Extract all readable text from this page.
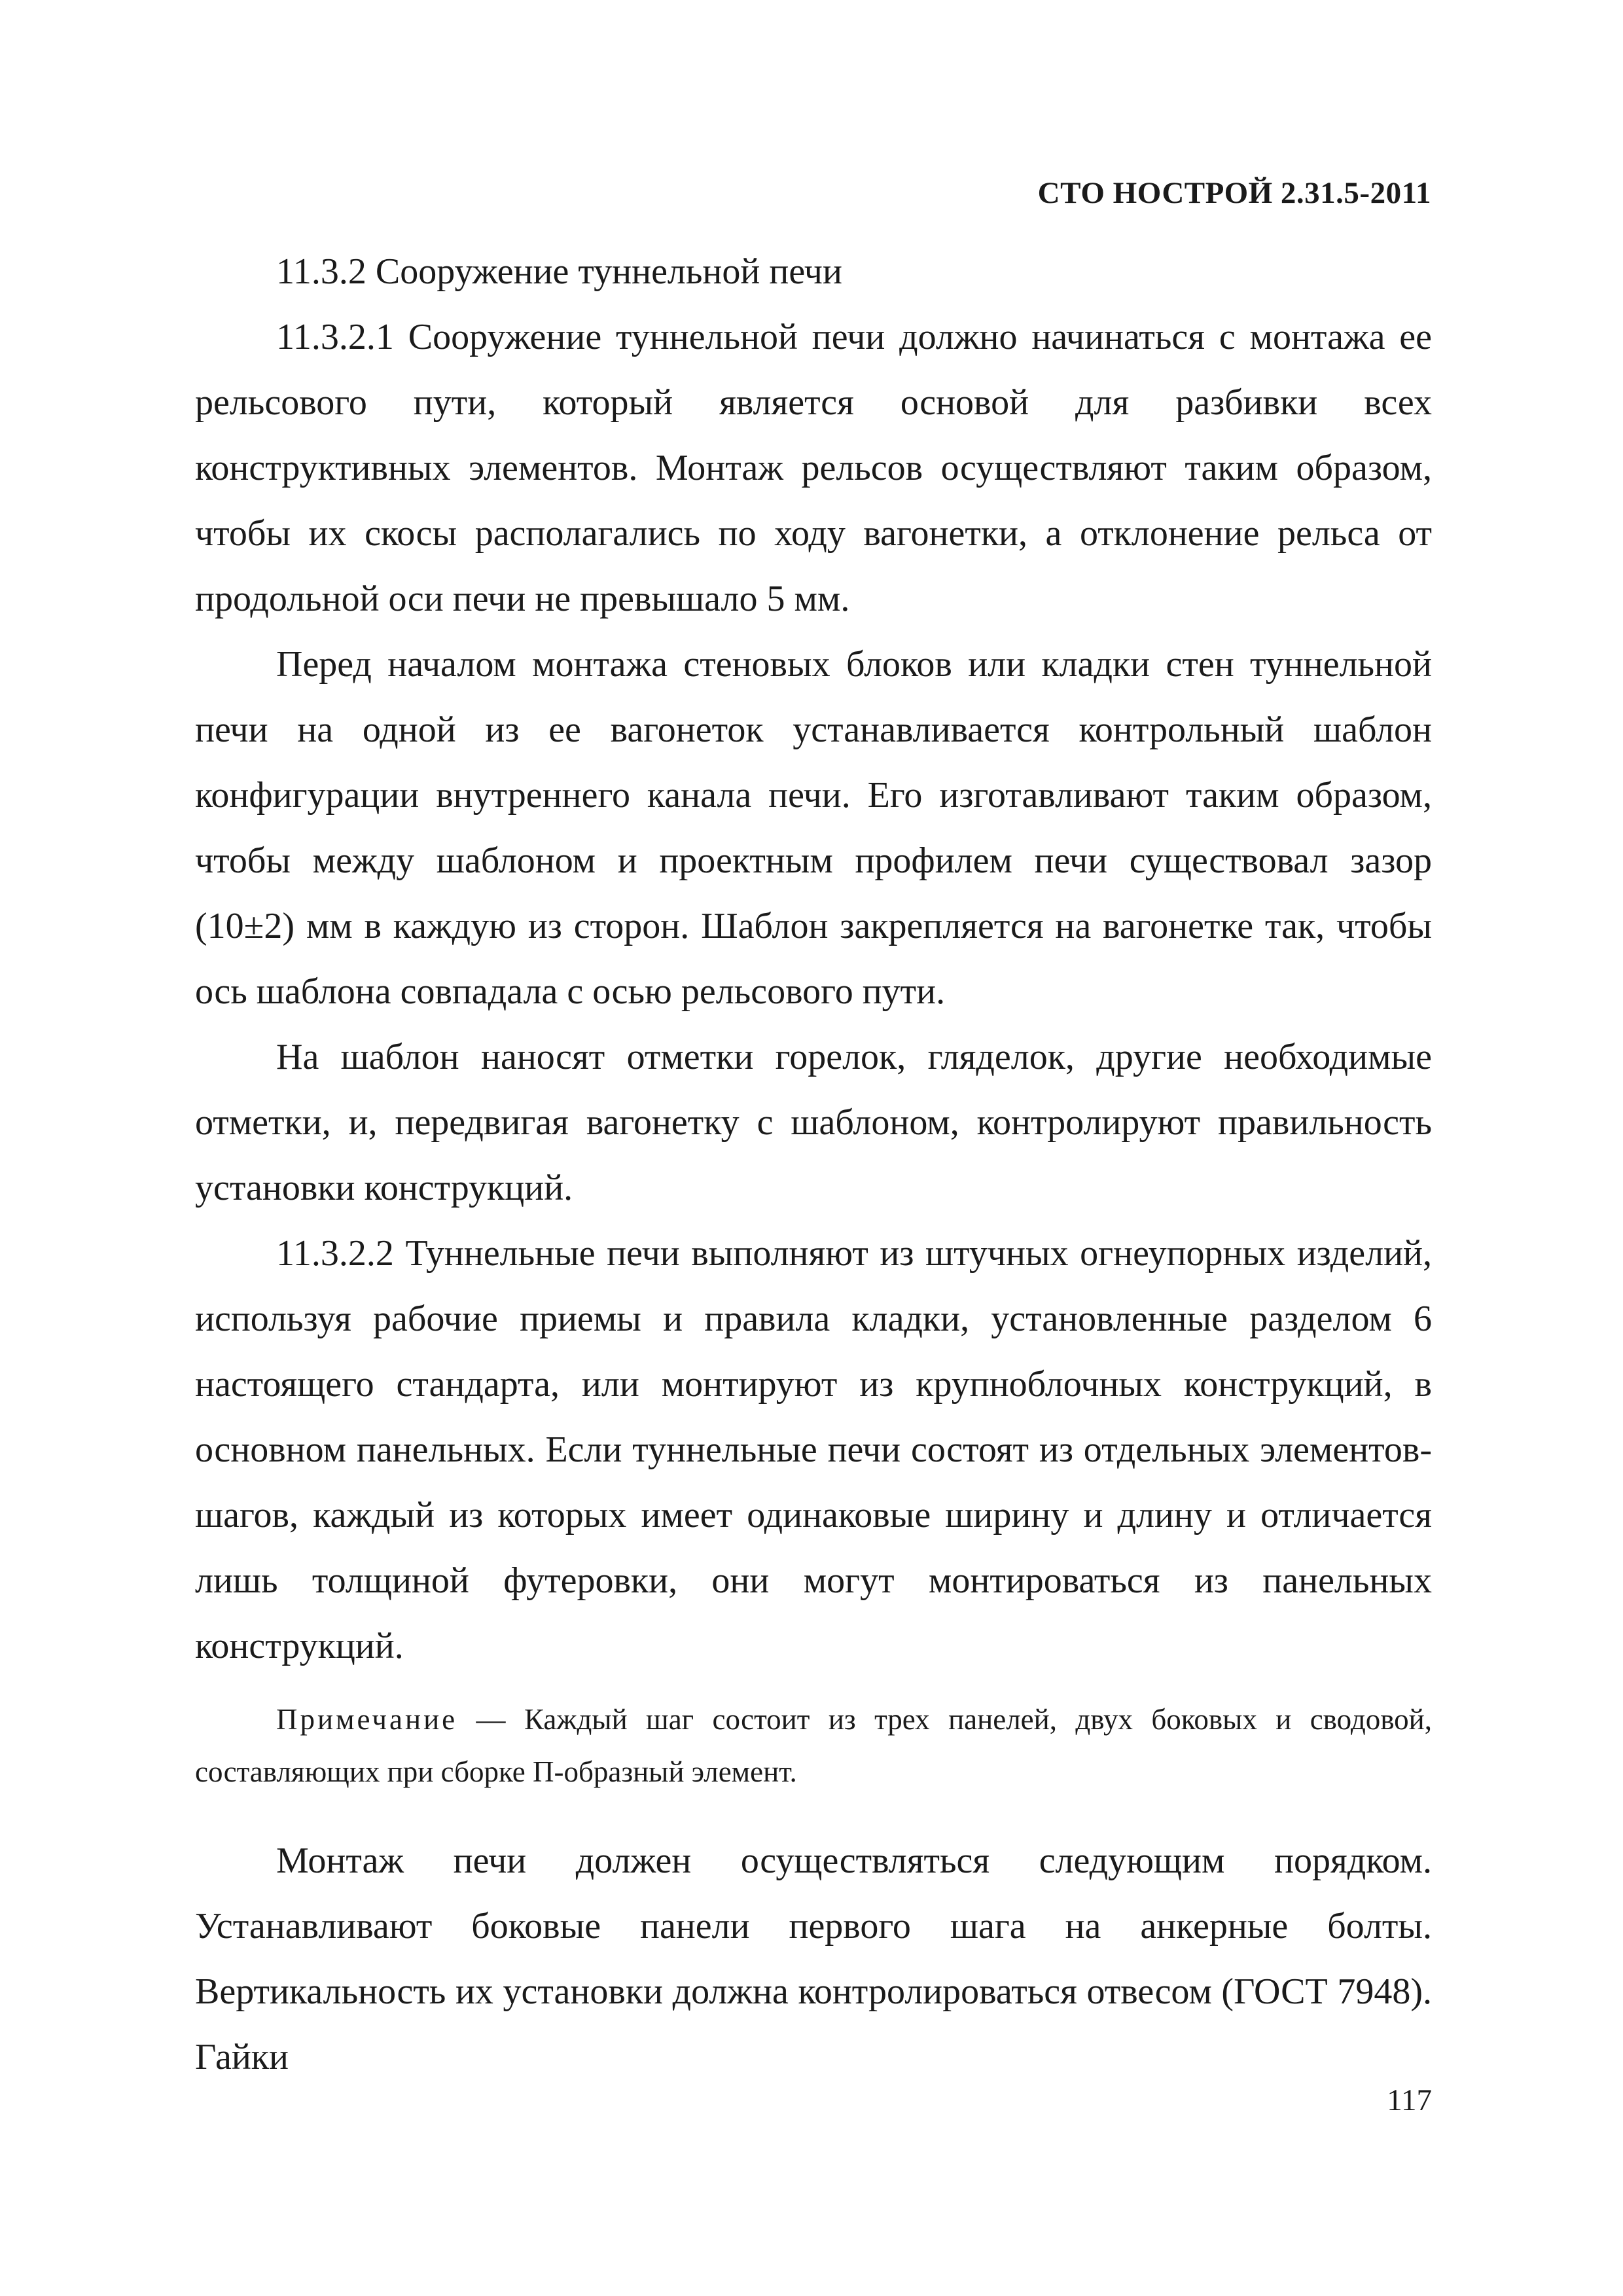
СТО НОСТРОЙ 2.31.5-2011

11.3.2 Сооружение туннельной печи

11.3.2.1 Сооружение туннельной печи должно начинаться с монтажа ее рельсового пути, который является основой для разбивки всех конструктивных элементов. Монтаж рельсов осуществляют таким образом, чтобы их скосы располагались по ходу вагонетки, а отклонение рельса от продольной оси печи не превышало 5 мм.

Перед началом монтажа стеновых блоков или кладки стен туннельной печи на одной из ее вагонеток устанавливается контрольный шаблон конфигурации внутреннего канала печи. Его изготавливают таким образом, чтобы между шаблоном и проектным профилем печи существовал зазор (10±2) мм в каждую из сторон. Шаблон закрепляется на вагонетке так, чтобы ось шаблона совпадала с осью рельсового пути.

На шаблон наносят отметки горелок, гляделок, другие необходимые отметки, и, передвигая вагонетку с шаблоном, контролируют правильность установки конструкций.

11.3.2.2 Туннельные печи выполняют из штучных огнеупорных изделий, используя рабочие приемы и правила кладки, установленные разделом 6 настоящего стандарта, или монтируют из крупноблочных конструкций, в основном панельных. Если туннельные печи состоят из отдельных элементов-шагов, каждый из которых имеет одинаковые ширину и длину и отличается лишь толщиной футеровки, они могут монтироваться из панельных конструкций.

Примечание — Каждый шаг состоит из трех панелей, двух боковых и сводовой, составляющих при сборке П-образный элемент.

Монтаж печи должен осуществляться следующим порядком. Устанавливают боковые панели первого шага на анкерные болты. Вертикальность их установки должна контролироваться отвесом (ГОСТ 7948). Гайки

117
